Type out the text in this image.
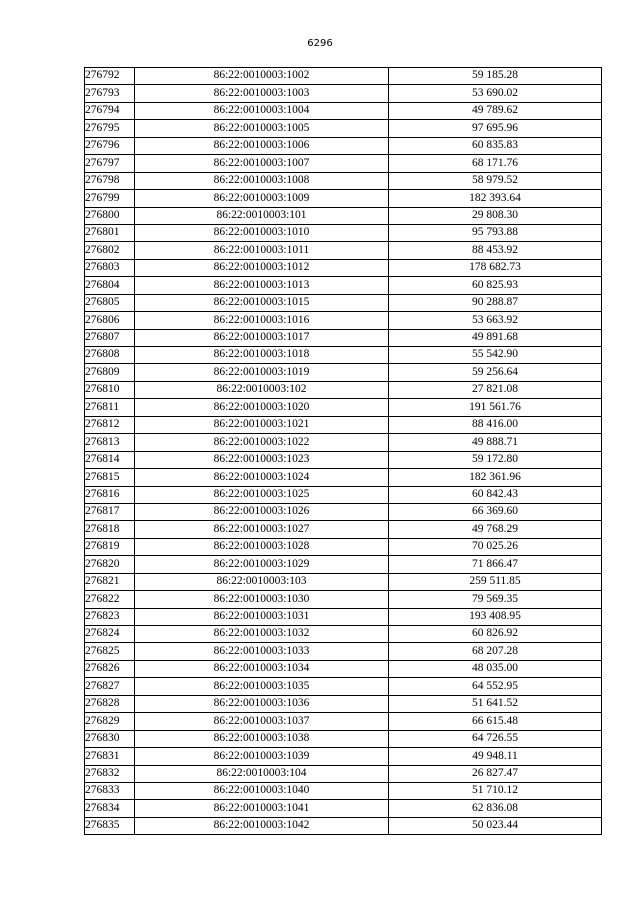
6296
276792	86:22:0010003:1002	59 185.28
276793	86:22:0010003:1003	53 690.02
276794	86:22:0010003:1004	49 789.62
276795	86:22:0010003:1005	97 695.96
276796	86:22:0010003:1006	60 835.83
276797	86:22:0010003:1007	68 171.76
276798	86:22:0010003:1008	58 979.52
276799	86:22:0010003:1009	182 393.64
276800	86:22:0010003:101	29 808.30
276801	86:22:0010003:1010	95 793.88
276802	86:22:0010003:1011	88 453.92
276803	86:22:0010003:1012	178 682.73
276804	86:22:0010003:1013	60 825.93
276805	86:22:0010003:1015	90 288.87
276806	86:22:0010003:1016	53 663.92
276807	86:22:0010003:1017	49 891.68
276808	86:22:0010003:1018	55 542.90
276809	86:22:0010003:1019	59 256.64
276810	86:22:0010003:102	27 821.08
276811	86:22:0010003:1020	191 561.76
276812	86:22:0010003:1021	88 416.00
276813	86:22:0010003:1022	49 888.71
276814	86:22:0010003:1023	59 172.80
276815	86:22:0010003:1024	182 361.96
276816	86:22:0010003:1025	60 842.43
276817	86:22:0010003:1026	66 369.60
276818	86:22:0010003:1027	49 768.29
276819	86:22:0010003:1028	70 025.26
276820	86:22:0010003:1029	71 866.47
276821	86:22:0010003:103	259 511.85
276822	86:22:0010003:1030	79 569.35
276823	86:22:0010003:1031	193 408.95
276824	86:22:0010003:1032	60 826.92
276825	86:22:0010003:1033	68 207.28
276826	86:22:0010003:1034	48 035.00
276827	86:22:0010003:1035	64 552.95
276828	86:22:0010003:1036	51 641.52
276829	86:22:0010003:1037	66 615.48
276830	86:22:0010003:1038	64 726.55
276831	86:22:0010003:1039	49 948.11
276832	86:22:0010003:104	26 827.47
276833	86:22:0010003:1040	51 710.12
276834	86:22:0010003:1041	62 836.08
276835	86:22:0010003:1042	50 023.44
